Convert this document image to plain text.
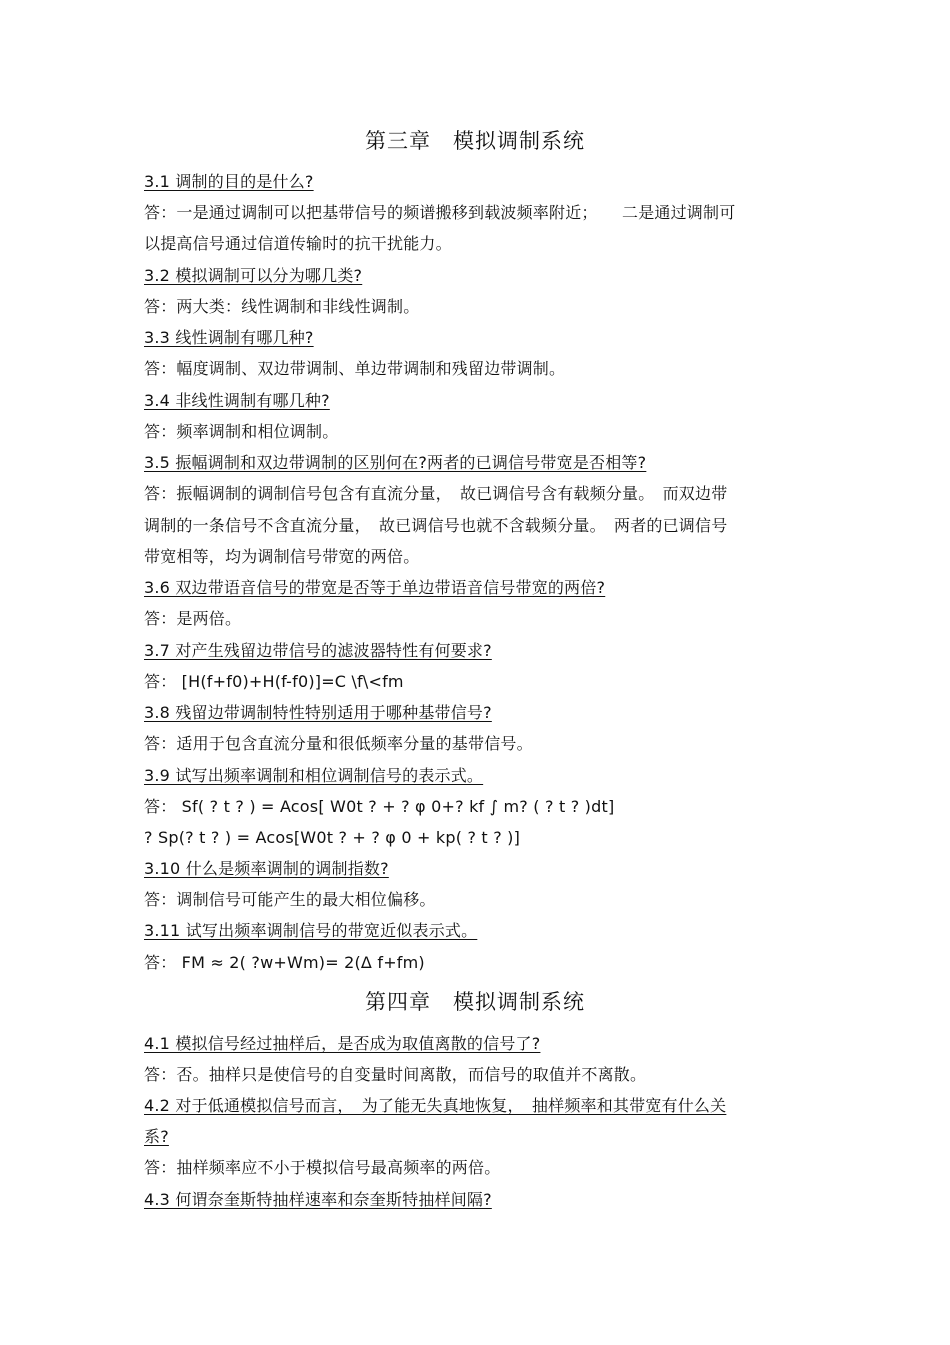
第三章　模拟调制系统
3.1 调制的目的是什么?
答：一是通过调制可以把基带信号的频谱搬移到载波频率附近；　　二是通过调制可
以提高信号通过信道传输时的抗干扰能力。
3.2 模拟调制可以分为哪几类?
答：两大类：线性调制和非线性调制。
3.3 线性调制有哪几种?
答：幅度调制、双边带调制、单边带调制和残留边带调制。
3.4 非线性调制有哪几种?
答：频率调制和相位调制。
3.5 振幅调制和双边带调制的区别何在?两者的已调信号带宽是否相等?
答：振幅调制的调制信号包含有直流分量，　故已调信号含有载频分量。　而双边带
调制的一条信号不含直流分量，　故已调信号也就不含载频分量。　两者的已调信号
带宽相等，均为调制信号带宽的两倍。
3.6 双边带语音信号的带宽是否等于单边带语音信号带宽的两倍?
答：是两倍。
3.7 对产生残留边带信号的滤波器特性有何要求?
答： [H(f+f0)+H(f-f0)]=C \f\<fm
3.8 残留边带调制特性特别适用于哪种基带信号?
答：适用于包含直流分量和很低频率分量的基带信号。
3.9 试写出频率调制和相位调制信号的表示式。
答： Sf( ? t ? ) = Acos[ W0t ? + ? φ 0+? kf ∫ m? ( ? t ? )dt]
? Sp(? t ? ) = Acos[W0t ? + ? φ 0 + kp( ? t ? )]
3.10 什么是频率调制的调制指数?
答：调制信号可能产生的最大相位偏移。
3.11 试写出频率调制信号的带宽近似表示式。
答： FM ≈ 2( ?w+Wm)= 2(Δ f+fm)
第四章　模拟调制系统
4.1 模拟信号经过抽样后，是否成为取值离散的信号了?
答：否。抽样只是使信号的自变量时间离散，而信号的取值并不离散。
4.2 对于低通模拟信号而言，　为了能无失真地恢复，　抽样频率和其带宽有什么关
系?
答：抽样频率应不小于模拟信号最高频率的两倍。
4.3 何谓奈奎斯特抽样速率和奈奎斯特抽样间隔?
